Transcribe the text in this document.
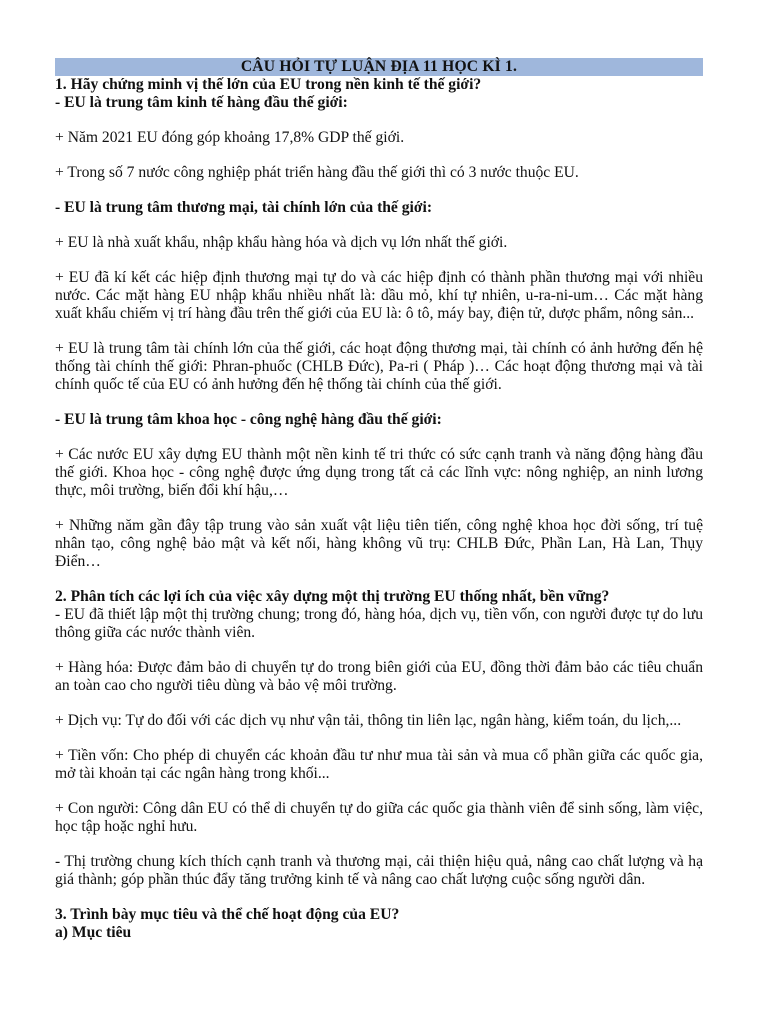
CÂU HỎI TỰ LUẬN ĐỊA 11 HỌC KÌ 1.

1. Hãy chứng minh vị thế lớn của EU trong nền kinh tế thế giới?

- EU là trung tâm kinh tế hàng đầu thế giới:

+ Năm 2021 EU đóng góp khoảng 17,8% GDP thế giới.

+ Trong số 7 nước công nghiệp phát triển hàng đầu thế giới thì có 3 nước thuộc EU.

- EU là trung tâm thương mại, tài chính lớn của thế giới:

+ EU là nhà xuất khẩu, nhập khẩu hàng hóa và dịch vụ lớn nhất thế giới.

+ EU đã kí kết các hiệp định thương mại tự do và các hiệp định có thành phần thương mại với nhiều nước. Các mặt hàng EU nhập khẩu nhiều nhất là: dầu mỏ, khí tự nhiên, u-ra-ni-um… Các mặt hàng xuất khẩu chiếm vị trí hàng đầu trên thế giới của EU là: ô tô, máy bay, điện tử, dược phẩm, nông sản...

+ EU là trung tâm tài chính lớn của thế giới, các hoạt động thương mại, tài chính có ảnh hưởng đến hệ thống tài chính thế giới: Phran-phuốc (CHLB Đức), Pa-ri ( Pháp )… Các hoạt động thương mại và tài chính quốc tế của EU có ảnh hưởng đến hệ thống tài chính của thế giới.

- EU là trung tâm khoa học - công nghệ hàng đầu thế giới:

+ Các nước EU xây dựng EU thành một nền kinh tế tri thức có sức cạnh tranh và năng động hàng đầu thế giới. Khoa học - công nghệ được ứng dụng trong tất cả các lĩnh vực: nông nghiệp, an ninh lương thực, môi trường, biến đổi khí hậu,…

+ Những năm gần đây tập trung vào sản xuất vật liệu tiên tiến, công nghệ khoa học đời sống, trí tuệ nhân tạo, công nghệ bảo mật và kết nối, hàng không vũ trụ: CHLB Đức, Phần Lan, Hà Lan, Thụy Điển…

2. Phân tích các lợi ích của việc xây dựng một thị trường EU thống nhất, bền vững?

- EU đã thiết lập một thị trường chung; trong đó, hàng hóa, dịch vụ, tiền vốn, con người được tự do lưu thông giữa các nước thành viên.

+ Hàng hóa: Được đảm bảo di chuyển tự do trong biên giới của EU, đồng thời đảm bảo các tiêu chuẩn an toàn cao cho người tiêu dùng và bảo vệ môi trường.

+ Dịch vụ: Tự do đối với các dịch vụ như vận tải, thông tin liên lạc, ngân hàng, kiểm toán, du lịch,...

+ Tiền vốn: Cho phép di chuyển các khoản đầu tư như mua tài sản và mua cổ phần giữa các quốc gia, mở tài khoản tại các ngân hàng trong khối...

+ Con người: Công dân EU có thể di chuyển tự do giữa các quốc gia thành viên để sinh sống, làm việc, học tập hoặc nghỉ hưu.

- Thị trường chung kích thích cạnh tranh và thương mại, cải thiện hiệu quả, nâng cao chất lượng và hạ giá thành; góp phần thúc đẩy tăng trưởng kinh tế và nâng cao chất lượng cuộc sống người dân.

3. Trình bày mục tiêu và thể chế hoạt động của EU?

a) Mục tiêu
